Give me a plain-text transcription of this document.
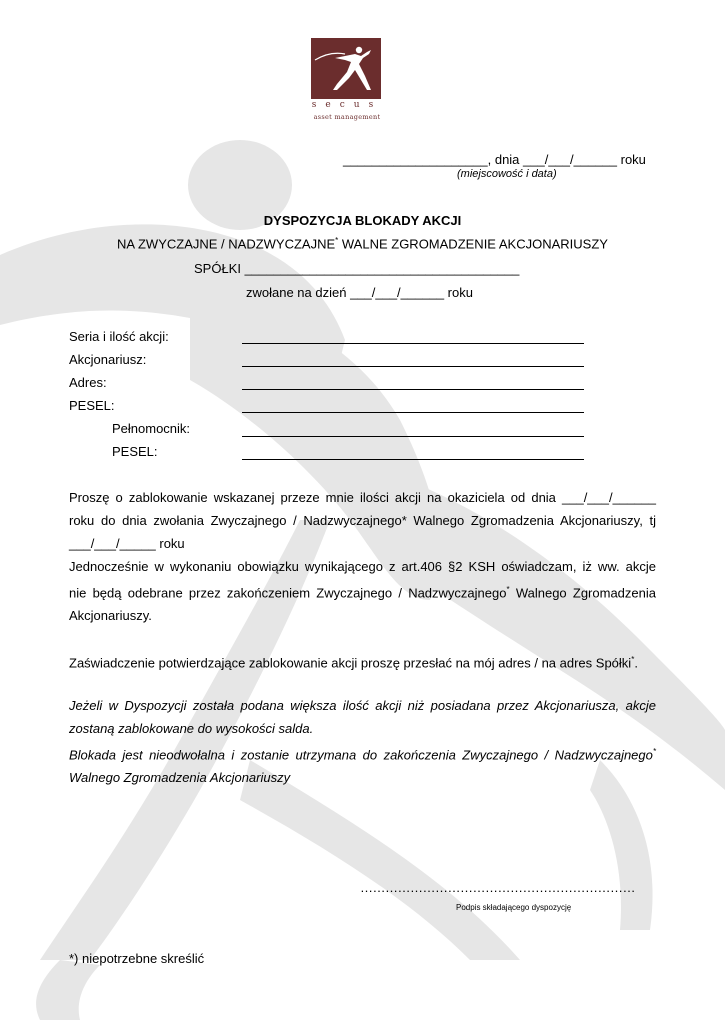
secus
asset management
____________________, dnia ___/___/______ roku
(miejscowość i data)
DYSPOZYCJA BLOKADY AKCJI
NA ZWYCZAJNE / NADZWYCZAJNE* WALNE ZGROMADZENIE AKCJONARIUSZY
SPÓŁKI ______________________________________
zwołane na dzień ___/___/______ roku
Seria i ilość akcji:
Akcjonariusz:
Adres:
PESEL:
Pełnomocnik:
PESEL:
Proszę o zablokowanie wskazanej przeze mnie ilości akcji na okaziciela od dnia ___/___/______
roku do dnia zwołania Zwyczajnego / Nadzwyczajnego* Walnego Zgromadzenia Akcjonariuszy, tj
___/___/_____ roku
Jednocześnie w wykonaniu obowiązku wynikającego z art.406 §2 KSH oświadczam, iż ww. akcje
nie będą odebrane przez zakończeniem Zwyczajnego / Nadzwyczajnego* Walnego Zgromadzenia
Akcjonariuszy.
Zaświadczenie potwierdzające zablokowanie akcji proszę przesłać na mój adres / na adres Spółki*.
Jeżeli w Dyspozycji została podana większa ilość akcji niż posiadana przez Akcjonariusza, akcje
zostaną zablokowane do wysokości salda.
Blokada jest nieodwołalna i zostanie utrzymana do zakończenia Zwyczajnego / Nadzwyczajnego*
Walnego Zgromadzenia Akcjonariuszy
…………………………………………………………
Podpis składającego dyspozycję
*) niepotrzebne skreślić
